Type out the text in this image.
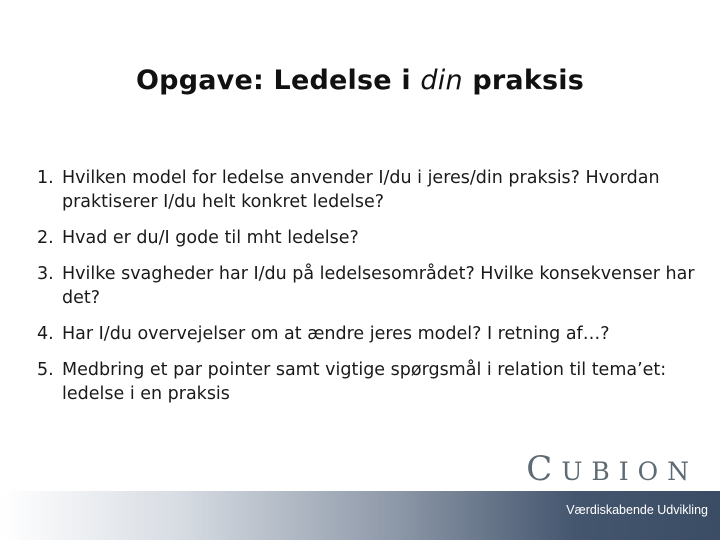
Opgave: Ledelse i din praksis
1. Hvilken model for ledelse anvender I/du i jeres/din praksis? Hvordan praktiserer I/du helt konkret ledelse?
2. Hvad er du/I gode til mht ledelse?
3. Hvilke svagheder har I/du på ledelsesområdet? Hvilke konsekvenser har det?
4. Har I/du overvejelser om at ændre jeres model? I retning af…?
5. Medbring et par pointer samt vigtige spørgsmål i relation til tema’et: ledelse i en praksis
CUBION
Værdiskabende Udvikling
